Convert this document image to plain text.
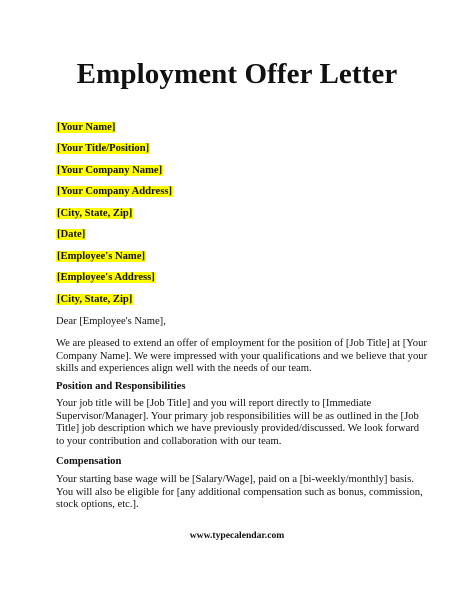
Employment Offer Letter
[Your Name]
[Your Title/Position]
[Your Company Name]
[Your Company Address]
[City, State, Zip]
[Date]
[Employee's Name]
[Employee's Address]
[City, State, Zip]
Dear [Employee's Name],
We are pleased to extend an offer of employment for the position of [Job Title] at [Your Company Name]. We were impressed with your qualifications and we believe that your skills and experiences align well with the needs of our team.
Position and Responsibilities
Your job title will be [Job Title] and you will report directly to [Immediate Supervisor/Manager]. Your primary job responsibilities will be as outlined in the [Job Title] job description which we have previously provided/discussed. We look forward to your contribution and collaboration with our team.
Compensation
Your starting base wage will be [Salary/Wage], paid on a [bi-weekly/monthly] basis. You will also be eligible for [any additional compensation such as bonus, commission, stock options, etc.].
www.typecalendar.com
